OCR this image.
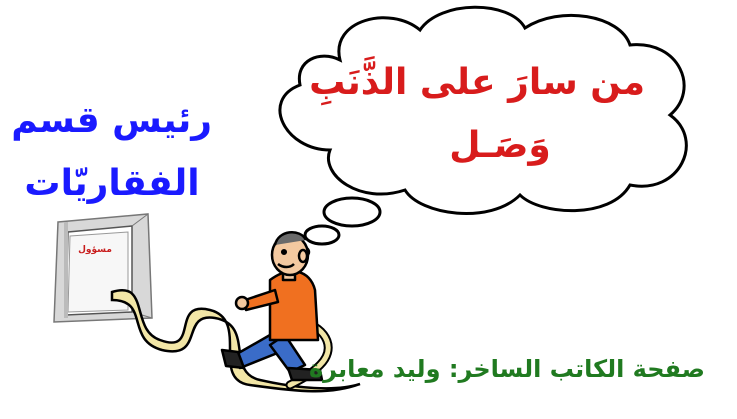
من سارَ على الذَّنَبِ
وَصَـل
رئيس قسم
الفقاريّات
مسؤول
صفحة الكاتب الساخر: وليد معابرة
